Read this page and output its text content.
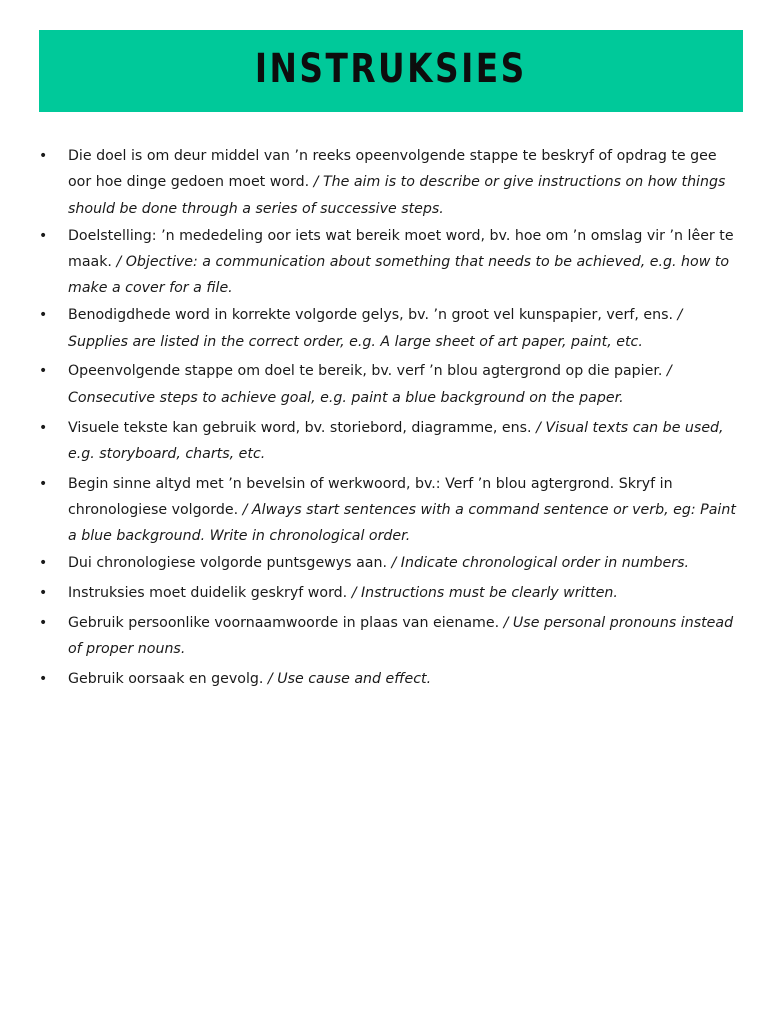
INSTRUKSIES
• Die doel is om deur middel van ’n reeks opeenvolgende stappe te beskryf of opdrag te gee oor hoe dinge gedoen moet word. / The aim is to describe or give instructions on how things should be done through a series of successive steps.
• Doelstelling: ’n mededeling oor iets wat bereik moet word, bv. hoe om ’n omslag vir ’n lêer te maak. / Objective: a communication about something that needs to be achieved, e.g. how to make a cover for a file.
• Benodigdhede word in korrekte volgorde gelys, bv. ’n groot vel kunspapier, verf, ens. / Supplies are listed in the correct order, e.g. A large sheet of art paper, paint, etc.
• Opeenvolgende stappe om doel te bereik, bv. verf ’n blou agtergrond op die papier. / Consecutive steps to achieve goal, e.g. paint a blue background on the paper.
• Visuele tekste kan gebruik word, bv. storiebord, diagramme, ens. / Visual texts can be used, e.g. storyboard, charts, etc.
• Begin sinne altyd met ’n bevelsin of werkwoord, bv.: Verf ’n blou agtergrond. Skryf in chronologiese volgorde. / Always start sentences with a command sentence or verb, eg: Paint a blue background. Write in chronological order.
• Dui chronologiese volgorde puntsgewys aan. / Indicate chronological order in numbers.
• Instruksies moet duidelik geskryf word. / Instructions must be clearly written.
• Gebruik persoonlike voornaamwoorde in plaas van eiename. / Use personal pronouns instead of proper nouns.
• Gebruik oorsaak en gevolg. / Use cause and effect.
